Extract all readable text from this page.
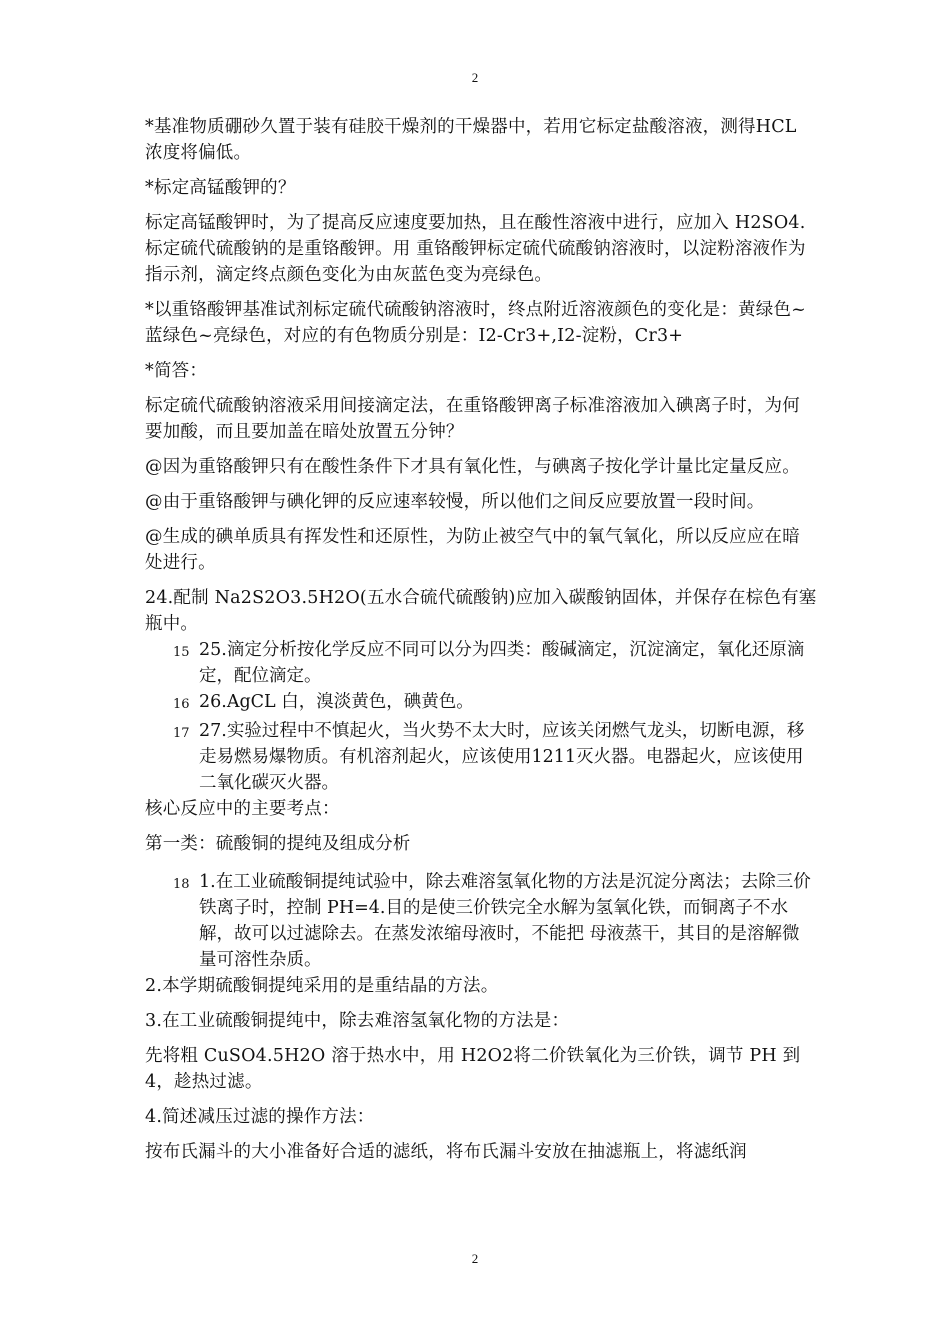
2

*基准物质硼砂久置于装有硅胶干燥剂的干燥器中，若用它标定盐酸溶液，测得HCL 浓度将偏低。

*标定高锰酸钾的？

标定高锰酸钾时，为了提高反应速度要加热，且在酸性溶液中进行，应加入 H2SO4.标定硫代硫酸钠的是重铬酸钾。用 重铬酸钾标定硫代硫酸钠溶液时，以淀粉溶液作为指示剂，滴定终点颜色变化为由灰蓝色变为亮绿色。

*以重铬酸钾基准试剂标定硫代硫酸钠溶液时，终点附近溶液颜色的变化是：黄绿色~蓝绿色~亮绿色，对应的有色物质分别是：I2-Cr3+,I2-淀粉，Cr3+

*简答：

标定硫代硫酸钠溶液采用间接滴定法，在重铬酸钾离子标准溶液加入碘离子时，为何要加酸，而且要加盖在暗处放置五分钟？

@因为重铬酸钾只有在酸性条件下才具有氧化性，与碘离子按化学计量比定量反应。

@由于重铬酸钾与碘化钾的反应速率较慢，所以他们之间反应要放置一段时间。

@生成的碘单质具有挥发性和还原性，为防止被空气中的氧气氧化，所以反应应在暗处进行。

24.配制 Na2S2O3.5H2O(五水合硫代硫酸钠)应加入碳酸钠固体，并保存在棕色有塞瓶中。

15 25.滴定分析按化学反应不同可以分为四类：酸碱滴定，沉淀滴定，氧化还原滴定，配位滴定。
16 26.AgCL 白，溴淡黄色，碘黄色。
17 27.实验过程中不慎起火，当火势不太大时，应该关闭燃气龙头，切断电源，移走易燃易爆物质。有机溶剂起火，应该使用1211灭火器。电器起火，应该使用二氧化碳灭火器。

核心反应中的主要考点：

第一类：硫酸铜的提纯及组成分析

18 1.在工业硫酸铜提纯试验中，除去难溶氢氧化物的方法是沉淀分离法；去除三价铁离子时，控制 PH=4.目的是使三价铁完全水解为氢氧化铁，而铜离子不水解，故可以过滤除去。在蒸发浓缩母液时，不能把 母液蒸干，其目的是溶解微量可溶性杂质。

2.本学期硫酸铜提纯采用的是重结晶的方法。

3.在工业硫酸铜提纯中，除去难溶氢氧化物的方法是：

先将粗 CuSO4.5H2O 溶于热水中，用 H2O2将二价铁氧化为三价铁，调节 PH 到4，趁热过滤。

4.简述减压过滤的操作方法：

按布氏漏斗的大小准备好合适的滤纸，将布氏漏斗安放在抽滤瓶上，将滤纸润

2
